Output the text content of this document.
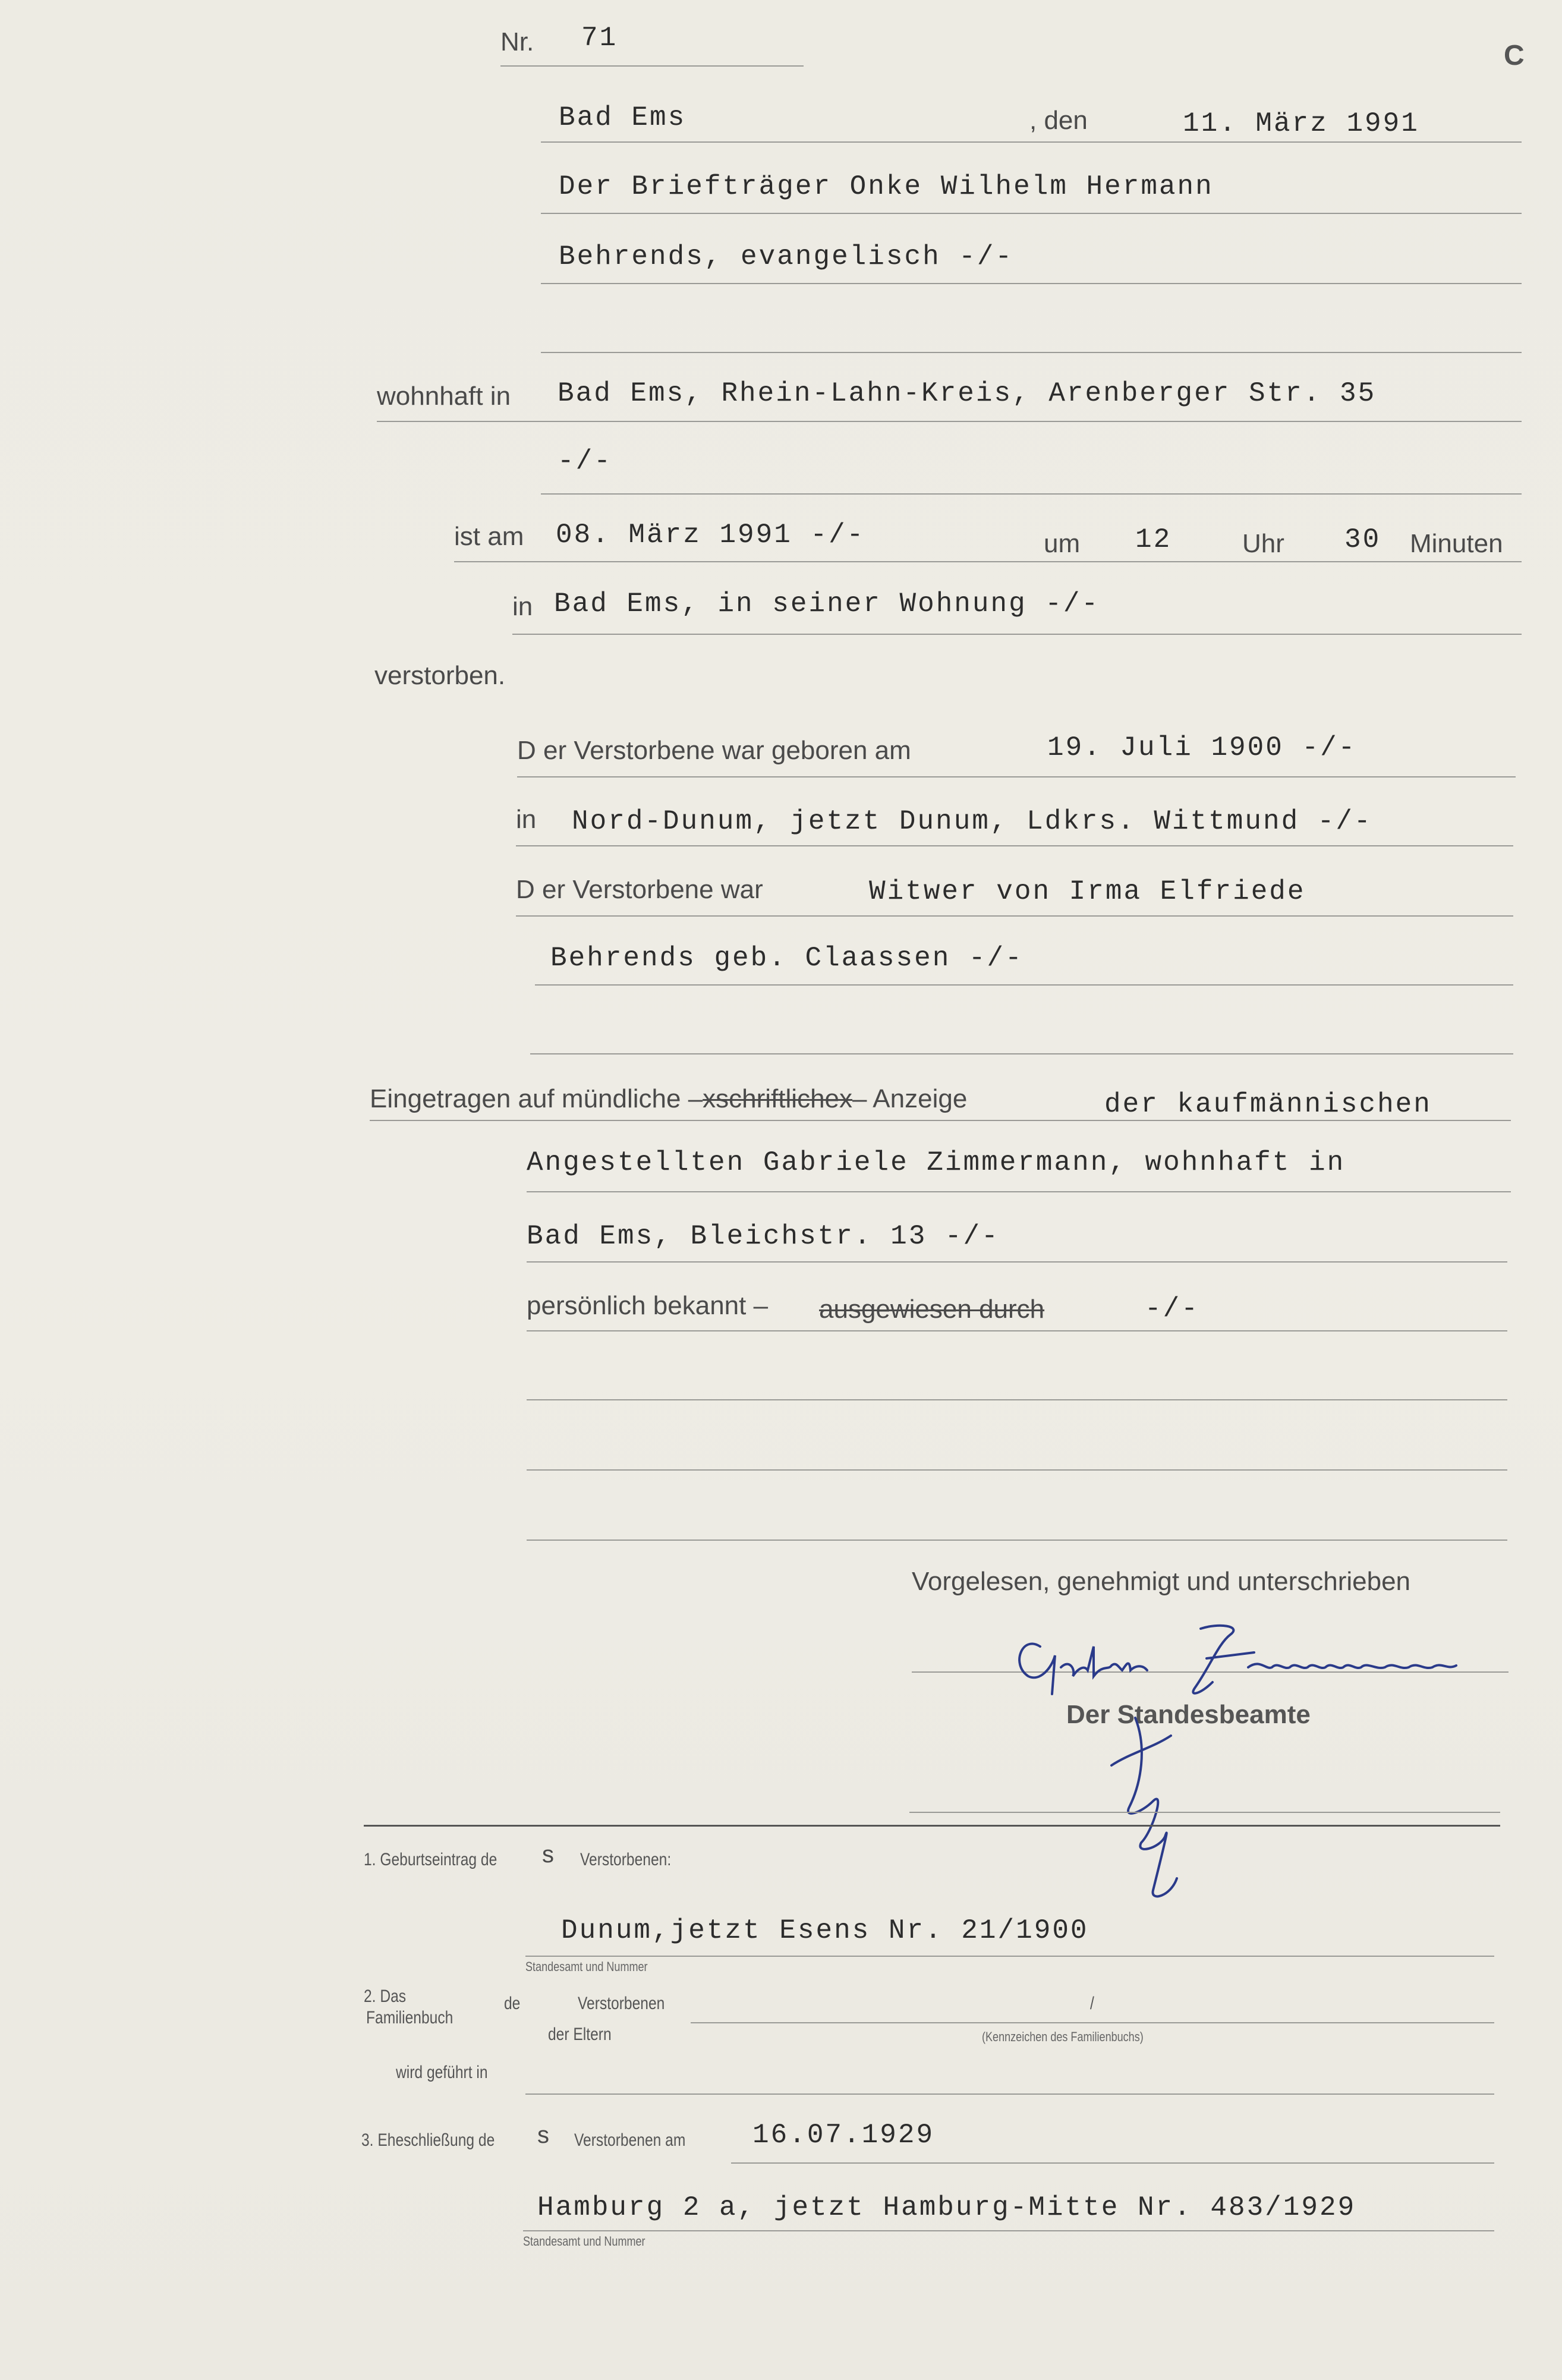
Nr. 71
C
Bad Ems	, den	11. März 1991
Der Briefträger Onke Wilhelm Hermann
Behrends, evangelisch -/-
wohnhaft in Bad Ems, Rhein-Lahn-Kreis, Arenberger Str. 35
-/-
ist am 08. März 1991 -/-	um 12	Uhr 30 Minuten
in Bad Ems, in seiner Wohnung -/-
verstorben.
D er Verstorbene war geboren am	19. Juli 1900 -/-
in Nord-Dunum, jetzt Dunum, Ldkrs. Wittmund -/-
D er Verstorbene war	Witwer von Irma Elfriede
Behrends geb. Claassen -/-
Eingetragen auf mündliche –xschriftlichex– Anzeige	der kaufmännischen
Angestellten Gabriele Zimmermann, wohnhaft in
Bad Ems, Bleichstr. 13 -/-
persönlich bekannt – ausgewiesen durch	-/-
Vorgelesen, genehmigt und unterschrieben
Der Standesbeamte
1. Geburtseintrag de s Verstorbenen:
Dunum,jetzt Esens Nr. 21/1900
Standesamt und Nummer
2. Das
Familienbuch
de	Verstorbenen
der Eltern
/
(Kennzeichen des Familienbuchs)
wird geführt in
3. Eheschließung de s Verstorbenen am 16.07.1929
Hamburg 2 a, jetzt Hamburg-Mitte Nr. 483/1929
Standesamt und Nummer
